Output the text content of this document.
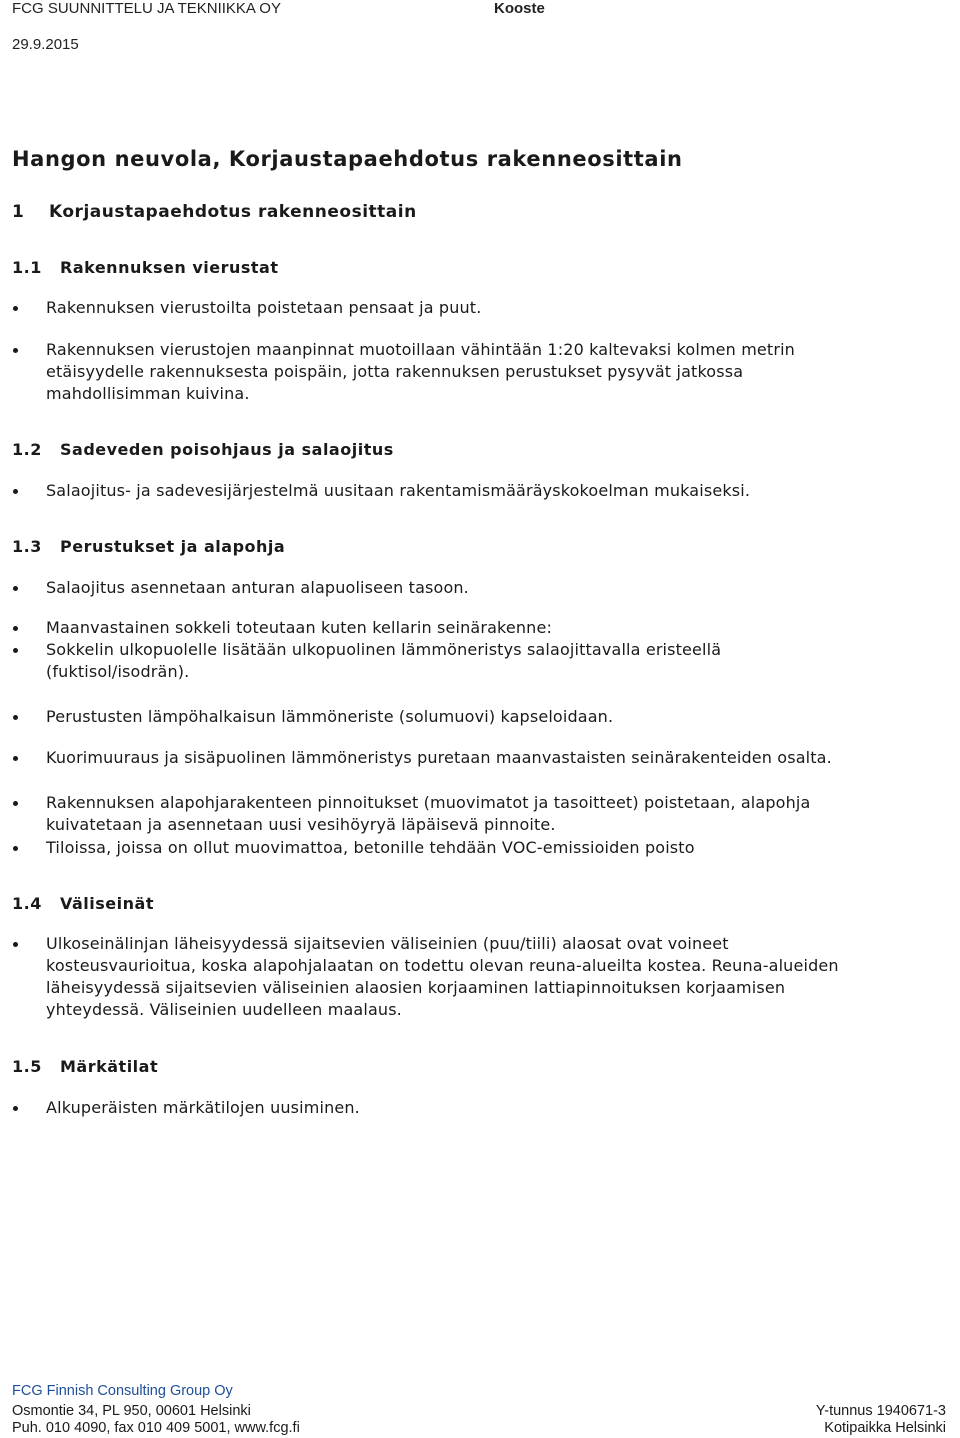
FCG SUUNNITTELU JA TEKNIIKKA OY	Kooste
29.9.2015
Hangon neuvola, Korjaustapaehdotus rakenneosittain
1 Korjaustapaehdotus rakenneosittain
1.1 Rakennuksen vierustat
Rakennuksen vierustoilta poistetaan pensaat ja puut.
Rakennuksen vierustojen maanpinnat muotoillaan vähintään 1:20 kaltevaksi kolmen metrin
etäisyydelle rakennuksesta poispäin, jotta rakennuksen perustukset pysyvät jatkossa
mahdollisimman kuivina.
1.2 Sadeveden poisohjaus ja salaojitus
Salaojitus- ja sadevesijärjestelmä uusitaan rakentamismääräyskokoelman mukaiseksi.
1.3 Perustukset ja alapohja
Salaojitus asennetaan anturan alapuoliseen tasoon.
Maanvastainen sokkeli toteutaan kuten kellarin seinärakenne:
Sokkelin ulkopuolelle lisätään ulkopuolinen lämmöneristys salaojittavalla eristeellä
(fuktisol/isodrän).
Perustusten lämpöhalkaisun lämmöneriste (solumuovi) kapseloidaan.
Kuorimuuraus ja sisäpuolinen lämmöneristys puretaan maanvastaisten seinärakenteiden osalta.
Rakennuksen alapohjarakenteen pinnoitukset (muovimatot ja tasoitteet) poistetaan, alapohja
kuivatetaan ja asennetaan uusi vesihöyryä läpäisevä pinnoite.
Tiloissa, joissa on ollut muovimattoa, betonille tehdään VOC-emissioiden poisto
1.4 Väliseinät
Ulkoseinälinjan läheisyydessä sijaitsevien väliseinien (puu/tiili) alaosat ovat voineet
kosteusvaurioitua, koska alapohjalaatan on todettu olevan reuna-alueilta kostea. Reuna-alueiden
läheisyydessä sijaitsevien väliseinien alaosien korjaaminen lattiapinnoituksen korjaamisen
yhteydessä. Väliseinien uudelleen maalaus.
1.5 Märkätilat
Alkuperäisten märkätilojen uusiminen.
FCG Finnish Consulting Group Oy
Osmontie 34, PL 950, 00601 Helsinki
Puh. 010 4090, fax 010 409 5001, www.fcg.fi
Y-tunnus 1940671-3
Kotipaikka Helsinki
